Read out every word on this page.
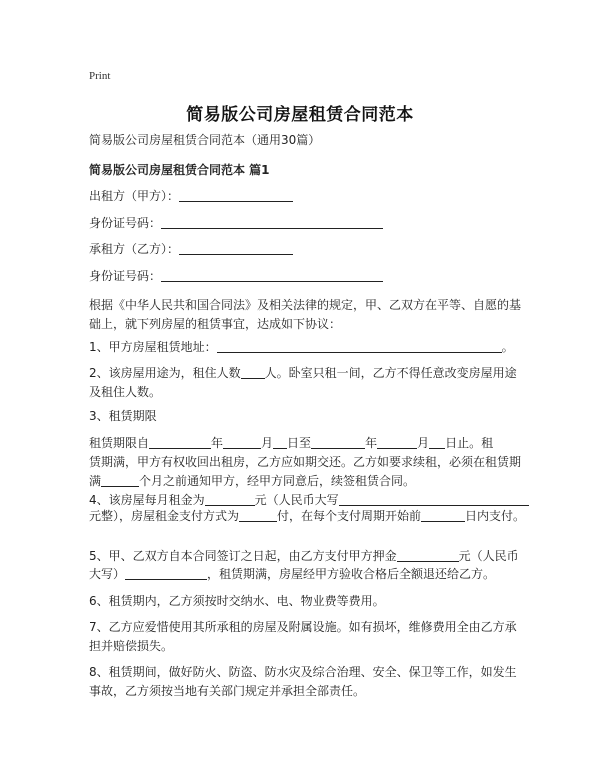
Print
简易版公司房屋租赁合同范本
简易版公司房屋租赁合同范本（通用30篇）
简易版公司房屋租赁合同范本 篇1
出租方（甲方）：
身份证号码：
承租方（乙方）：
身份证号码：
根据《中华人民共和国合同法》及相关法律的规定，甲、乙双方在平等、自愿的基
础上，就下列房屋的租赁事宜，达成如下协议：
1、甲方房屋租赁地址：	。
2、该房屋用途为，租住人数 人。卧室只租一间，乙方不得任意改变房屋用途
及租住人数。
3、租赁期限
租赁期限自	年	月 日至	年	月 日止。租
赁期满，甲方有权收回出租房，乙方应如期交还。乙方如要求续租，必须在租赁期
满	个月之前通知甲方，经甲方同意后，续签租赁合同。
4、该房屋每月租金为	元（人民币大写
元整），房屋租金支付方式为	付，在每个支付周期开始前	日内支付。
5、甲、乙双方自本合同签订之日起，由乙方支付甲方押金	元（人民币
大写）	，租赁期满，房屋经甲方验收合格后全额退还给乙方。
6、租赁期内，乙方须按时交纳水、电、物业费等费用。
7、乙方应爱惜使用其所承租的房屋及附属设施。如有损坏，维修费用全由乙方承
担并赔偿损失。
8、租赁期间，做好防火、防盗、防水灾及综合治理、安全、保卫等工作，如发生
事故，乙方须按当地有关部门规定并承担全部责任。
